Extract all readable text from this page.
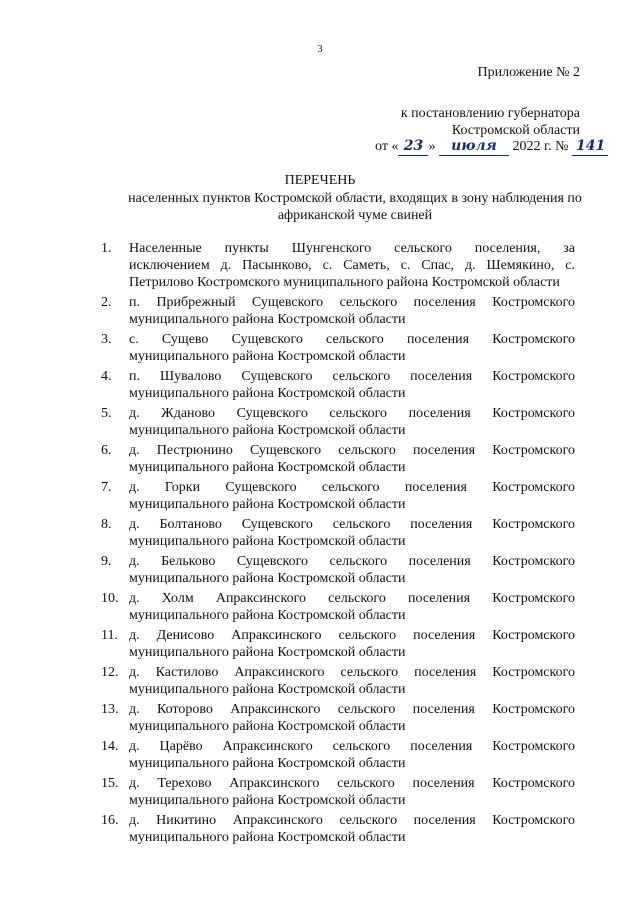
3
Приложение № 2
к постановлению губернатора
Костромской области
от « 23 » июля 2022 г. № 141
ПЕРЕЧЕНЬ
населенных пунктов Костромской области, входящих в зону наблюдения по африканской чуме свиней
1.	Населенные пункты Шунгенского сельского поселения, за
исключением д. Пасынково, с. Саметь, с. Спас, д. Шемякино, с. Петрилово Костромского муниципального района Костромской области
2.	п. Прибрежный Сущевского сельского поселения Костромского
муниципального района Костромской области
3.	с. Сущево Сущевского сельского поселения Костромского
муниципального района Костромской области
4.	п. Шувалово Сущевского сельского поселения Костромского
муниципального района Костромской области
5.	д. Жданово Сущевского сельского поселения Костромского
муниципального района Костромской области
6.	д. Пестрюнино Сущевского сельского поселения Костромского
муниципального района Костромской области
7.	д. Горки Сущевского сельского поселения Костромского
муниципального района Костромской области
8.	д. Болтаново Сущевского сельского поселения Костромского
муниципального района Костромской области
9.	д. Бельково Сущевского сельского поселения Костромского
муниципального района Костромской области
10. д. Холм Апраксинского сельского поселения Костромского
муниципального района Костромской области
11. д. Денисово Апраксинского сельского поселения Костромского
муниципального района Костромской области
12. д. Кастилово Апраксинского сельского поселения Костромского
муниципального района Костромской области
13. д. Которово Апраксинского сельского поселения Костромского
муниципального района Костромской области
14. д. Царёво Апраксинского сельского поселения Костромского
муниципального района Костромской области
15. д. Терехово Апраксинского сельского поселения Костромского
муниципального района Костромской области
16. д. Никитино Апраксинского сельского поселения Костромского
муниципального района Костромской области
